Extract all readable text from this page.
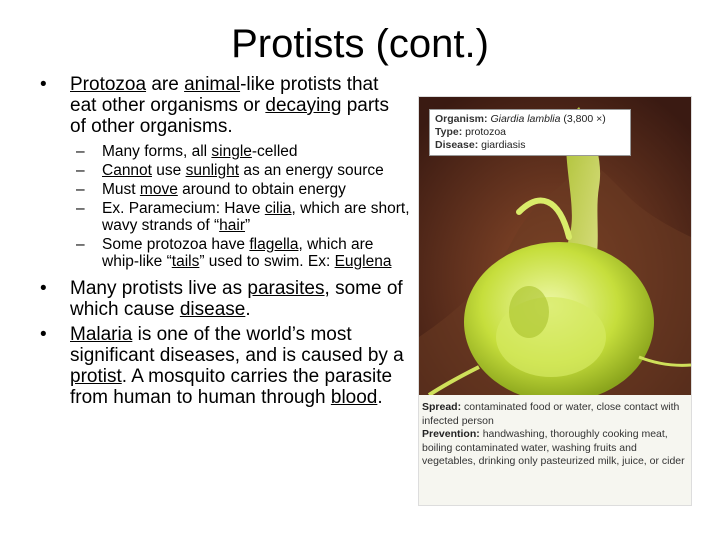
Protists (cont.)
• Protozoa are animal-like protists that eat other organisms or decaying parts of other organisms.
– Many forms, all single-celled
– Cannot use sunlight as an energy source
– Must move around to obtain energy
– Ex. Paramecium: Have cilia, which are short, wavy strands of “hair”
– Some protozoa have flagella, which are whip-like “tails” used to swim. Ex: Euglena
• Many protists live as parasites, some of which cause disease.
• Malaria is one of the world’s most significant diseases, and is caused by a protist. A mosquito carries the parasite from human to human through blood.
Organism: Giardia lamblia (3,800 ×)
Type: protozoa
Disease: giardiasis
Spread: contaminated food or water, close contact with infected person
Prevention: handwashing, thoroughly cooking meat, boiling contaminated water, washing fruits and vegetables, drinking only pasteurized milk, juice, or cider
